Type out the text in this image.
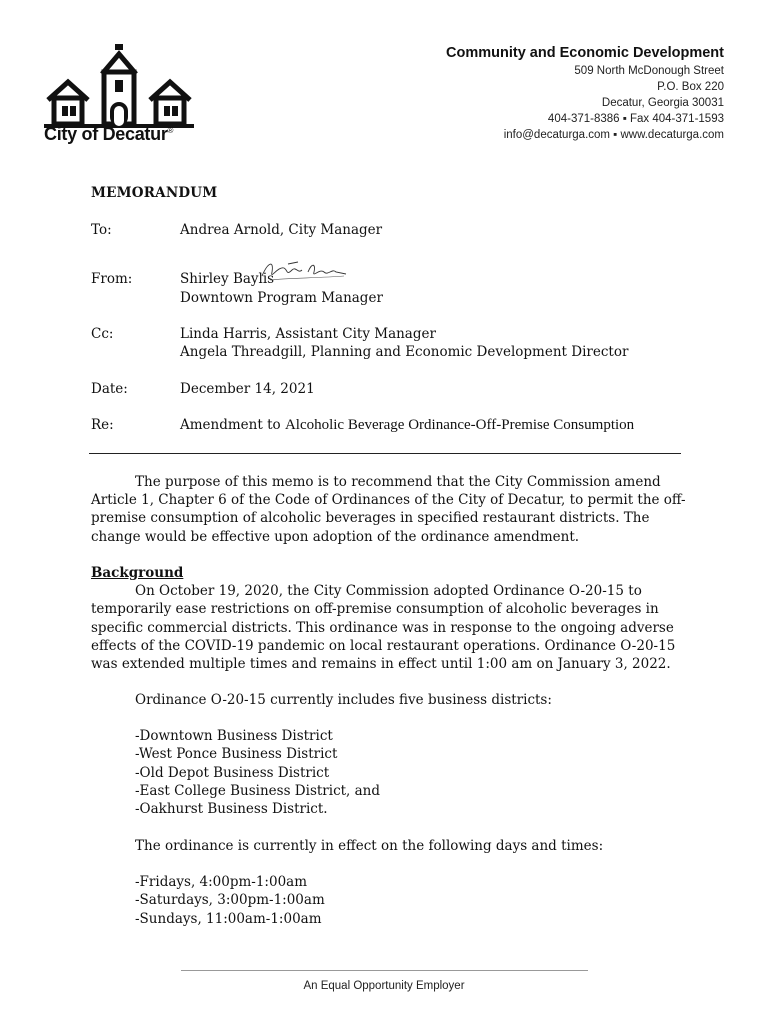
City of Decatur®
Community and Economic Development
509 North McDonough Street
P.O. Box 220
Decatur, Georgia 30031
404-371-8386 ▪ Fax 404-371-1593
info@decaturga.com ▪ www.decaturga.com
MEMORANDUM
To:	Andrea Arnold, City Manager
From:	Shirley Baylis
Downtown Program Manager
Cc:	Linda Harris, Assistant City Manager
Angela Threadgill, Planning and Economic Development Director
Date:	December 14, 2021
Re:	Amendment to Alcoholic Beverage Ordinance-Off-Premise Consumption

The purpose of this memo is to recommend that the City Commission amend Article 1, Chapter 6 of the Code of Ordinances of the City of Decatur, to permit the off-premise consumption of alcoholic beverages in specified restaurant districts. The change would be effective upon adoption of the ordinance amendment.

Background

On October 19, 2020, the City Commission adopted Ordinance O-20-15 to temporarily ease restrictions on off-premise consumption of alcoholic beverages in specific commercial districts. This ordinance was in response to the ongoing adverse effects of the COVID-19 pandemic on local restaurant operations. Ordinance O-20-15 was extended multiple times and remains in effect until 1:00 am on January 3, 2022.

Ordinance O-20-15 currently includes five business districts:

-Downtown Business District

-West Ponce Business District

-Old Depot Business District

-East College Business District, and

-Oakhurst Business District.

The ordinance is currently in effect on the following days and times:

-Fridays, 4:00pm-1:00am

-Saturdays, 3:00pm-1:00am

-Sundays, 11:00am-1:00am

An Equal Opportunity Employer
